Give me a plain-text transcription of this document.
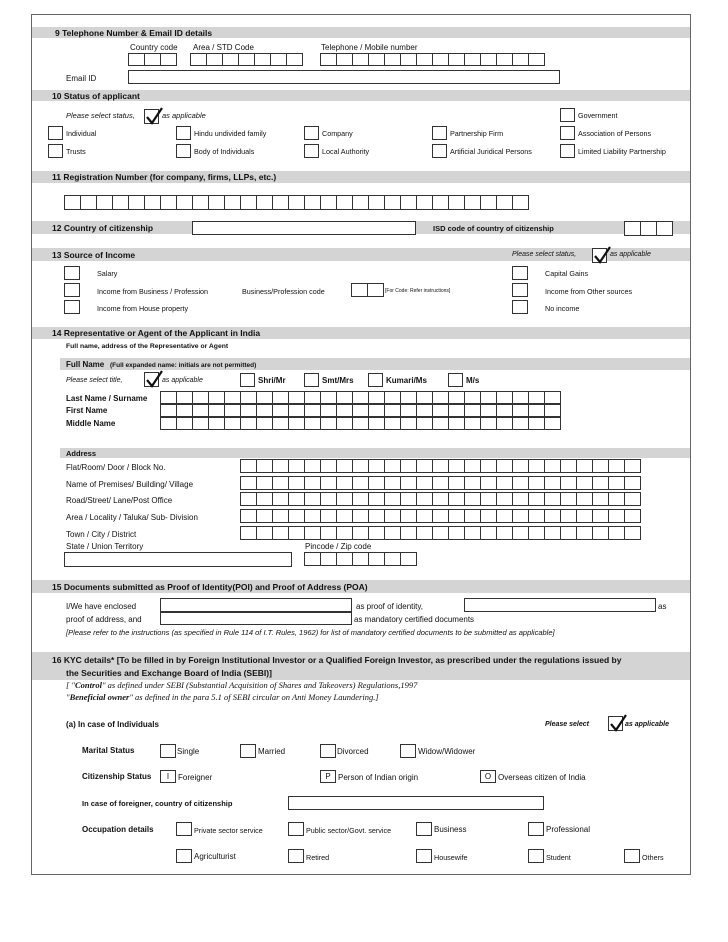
9 Telephone Number & Email ID details
Country code Area / STD Code	Telephone / Mobile number
Email ID
10 Status of applicant
Please select status,	as applicable	Government
Individual	Hindu undivided family	Company	Partnership Firm	Association of Persons
Trusts	Body of Individuals	Local Authority	Artificial Juridical Persons	Limited Liability Partnership
11 Registration Number (for company, firms, LLPs, etc.)
12 Country of citizenship	ISD code of country of citizenship
13 Source of Income	Please select status,	as applicable
Salary	Capital Gains
Income from Business / Profession	Business/Profession code	[For Code: Refer instructions]	Income from Other sources
Income from House property	No income
14 Representative or Agent of the Applicant in India
Full name, address of the Representative or Agent
Full Name (Full expanded name: initials are not permitted)
Please select title,	as applicable	Shri/Mr	Smt/Mrs	Kumari/Ms	M/s
Last Name / Surname
First Name
Middle Name
Address
Flat/Room/ Door / Block No.
Name of Premises/ Building/ Village
Road/Street/ Lane/Post Office
Area / Locality / Taluka/ Sub- Division
Town / City / District
State / Union Territory	Pincode / Zip code
15 Documents submitted as Proof of Identity(POI) and Proof of Address (POA)
I/We have enclosed	as proof of identity,	as
proof of address, and	as mandatory certified documents
[Please refer to the instructions (as specified in Rule 114 of I.T. Rules, 1962) for list of mandatory certified documents to be submitted as applicable]
16 KYC details* [To be filled in by Foreign Institutional Investor or a Qualified Foreign Investor, as prescribed under the regulations issued by
the Securities and Exchange Board of India (SEBI)]
[ "Control" as defined under SEBI (Substantial Acquisition of Shares and Takeovers) Regulations,1997
"Beneficial owner" as defined in the para 5.1 of SEBI circular on Anti Money Laundering.]
(a) In case of Individuals	Please select	as applicable
Marital Status	Single	Married	Divorced	Widow/Widower
Citizenship Status	I	Foreigner	P Person of Indian origin	O Overseas citizen of India
In case of foreigner, country of citizenship
Occupation details	Private sector service	Public sector/Govt. service	Business	Professional
Agriculturist	Retired	Housewife	Student	Others
